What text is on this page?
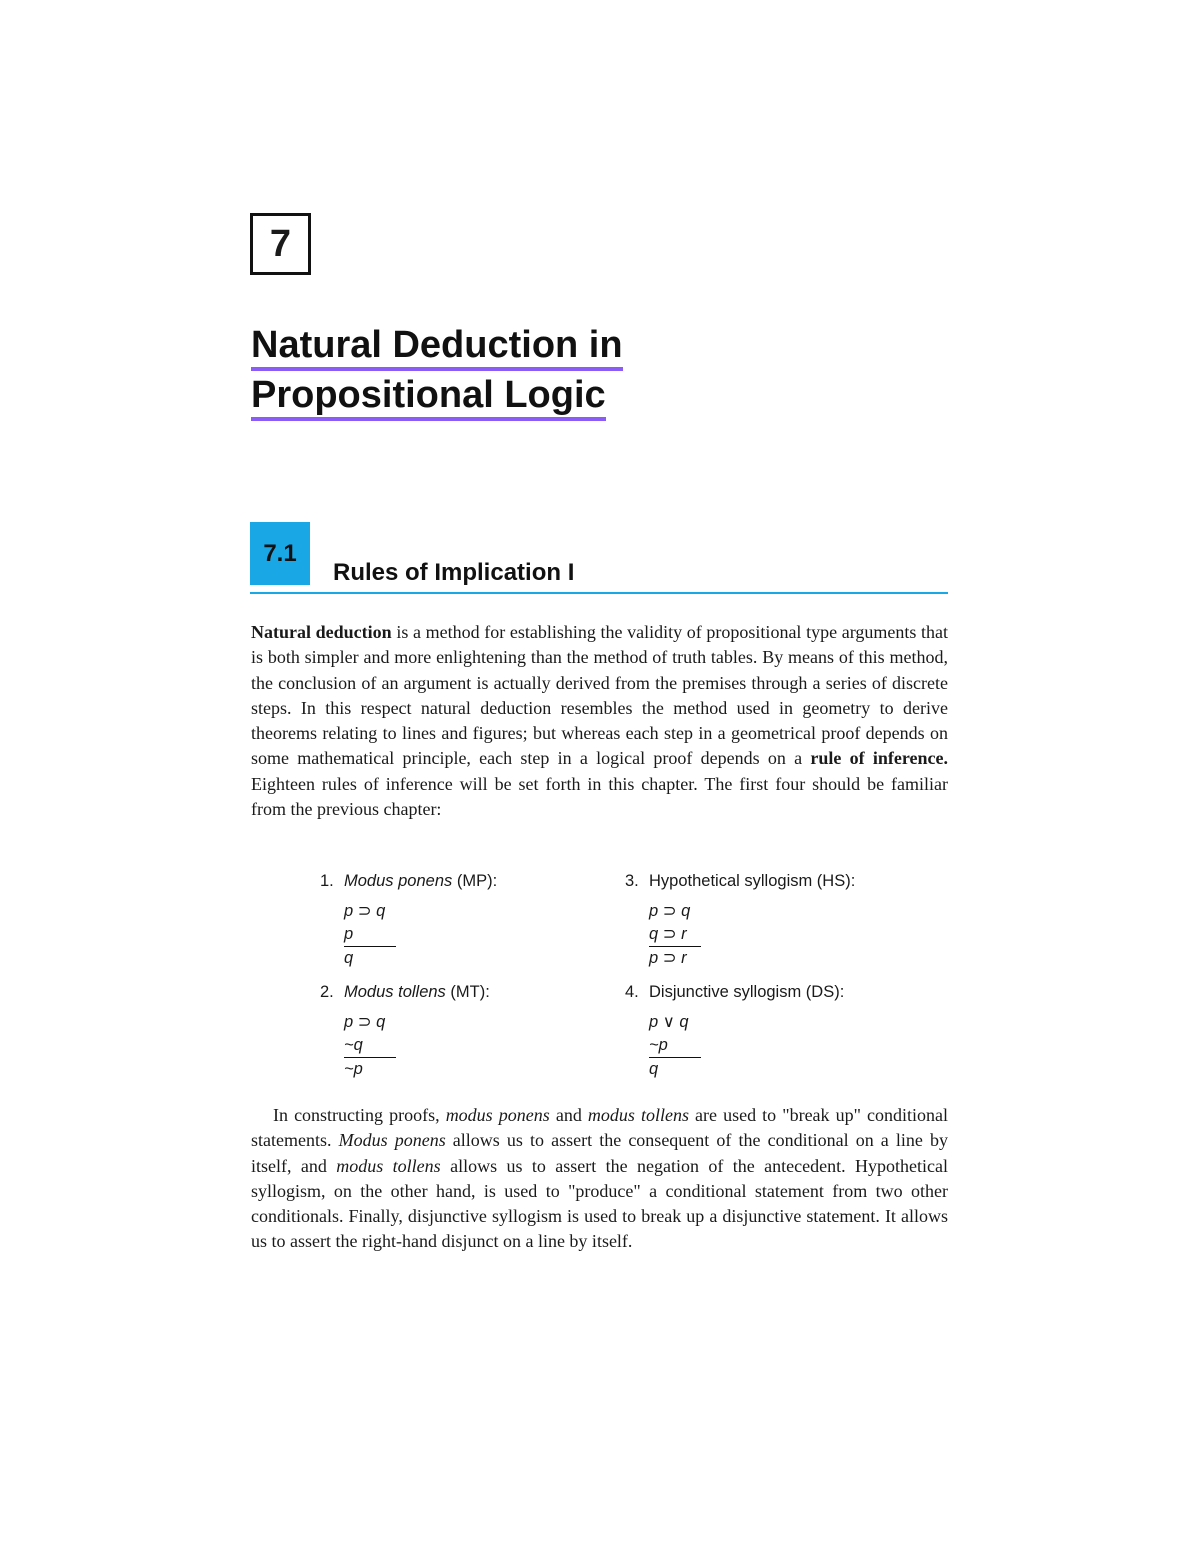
7
Natural Deduction in
Propositional Logic
7.1
Rules of Implication I

Natural deduction is a method for establishing the validity of propositional type arguments that is both simpler and more enlightening than the method of truth tables. By means of this method, the conclusion of an argument is actually derived from the premises through a series of discrete steps. In this respect natural deduction resembles the method used in geometry to derive theorems relating to lines and figures; but whereas each step in a geometrical proof depends on some mathematical principle, each step in a logical proof depends on a rule of inference. Eighteen rules of inference will be set forth in this chapter. The first four should be familiar from the previous chapter:

1. Modus ponens (MP):
p ⊃ q
p
q
3. Hypothetical syllogism (HS):
p ⊃ q
q ⊃ r
p ⊃ r
2. Modus tollens (MT):
p ⊃ q
~q
~p
4. Disjunctive syllogism (DS):
p ∨ q
~p
q

In constructing proofs, modus ponens and modus tollens are used to "break up" conditional statements. Modus ponens allows us to assert the consequent of the conditional on a line by itself, and modus tollens allows us to assert the negation of the antecedent. Hypothetical syllogism, on the other hand, is used to "produce" a conditional statement from two other conditionals. Finally, disjunctive syllogism is used to break up a disjunctive statement. It allows us to assert the right-hand disjunct on a line by itself.
